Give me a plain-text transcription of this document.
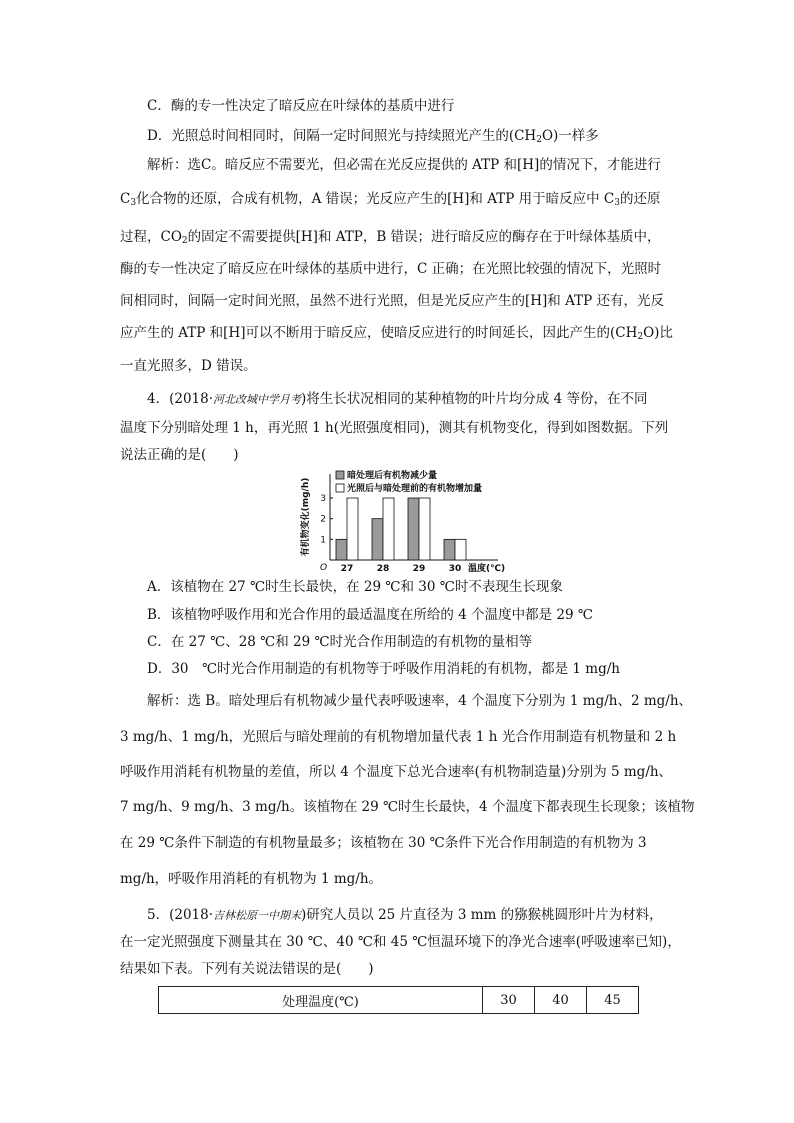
C．酶的专一性决定了暗反应在叶绿体的基质中进行
D．光照总时间相同时，间隔一定时间照光与持续照光产生的$(CH_2O)$一样多
解析：选C。暗反应不需要光，但必需在光反应提供的 ATP 和[H]的情况下，才能进行
$C_3$化合物的还原，合成有机物，A 错误；光反应产生的[H]和 ATP 用于暗反应中 $C_3$的还原
过程，$CO_2$的固定不需要提供[H]和 ATP，B 错误；进行暗反应的酶存在于叶绿体基质中，
酶的专一性决定了暗反应在叶绿体的基质中进行，C 正确；在光照比较强的情况下，光照时
间相同时，间隔一定时间光照，虽然不进行光照，但是光反应产生的[H]和 ATP 还有，光反
应产生的 ATP 和[H]可以不断用于暗反应，使暗反应进行的时间延长，因此产生的$(CH_2O)$比
一直光照多，D 错误。
4．(2018·河北改城中学月考)将生长状况相同的某种植物的叶片均分成 4 等份，在不同
温度下分别暗处理 1 h，再光照 1 h(光照强度相同)，测其有机物变化，得到如图数据。下列
说法正确的是(　　)
1
2
3
O
有机物变化(mg/h)
27	28	29	30 温度(℃)
暗处理后有机物减少量
光照后与暗处理前的有机物增加量
A．该植物在 27 ℃时生长最快，在 29 ℃和 30 ℃时不表现生长现象
B．该植物呼吸作用和光合作用的最适温度在所给的 4 个温度中都是 29 ℃
C．在 27 ℃、28 ℃和 29 ℃时光合作用制造的有机物的量相等
D．30　℃时光合作用制造的有机物等于呼吸作用消耗的有机物，都是 1 mg/h
解析：选 B。暗处理后有机物减少量代表呼吸速率，4 个温度下分别为 1 mg/h、2 mg/h、
3 mg/h、1 mg/h，光照后与暗处理前的有机物增加量代表 1 h 光合作用制造有机物量和 2 h
呼吸作用消耗有机物量的差值，所以 4 个温度下总光合速率(有机物制造量)分别为 5 mg/h、
7 mg/h、9 mg/h、3 mg/h。该植物在 29 ℃时生长最快，4 个温度下都表现生长现象；该植物
在 29 ℃条件下制造的有机物量最多；该植物在 30 ℃条件下光合作用制造的有机物为 3
mg/h，呼吸作用消耗的有机物为 1 mg/h。
5．(2018·吉林松原一中期末)研究人员以 25 片直径为 3 mm 的猕猴桃圆形叶片为材料，
在一定光照强度下测量其在 30 ℃、40 ℃和 45 ℃恒温环境下的净光合速率(呼吸速率已知)，
结果如下表。下列有关说法错误的是(　　)
处理温度(℃)	30	40	45
